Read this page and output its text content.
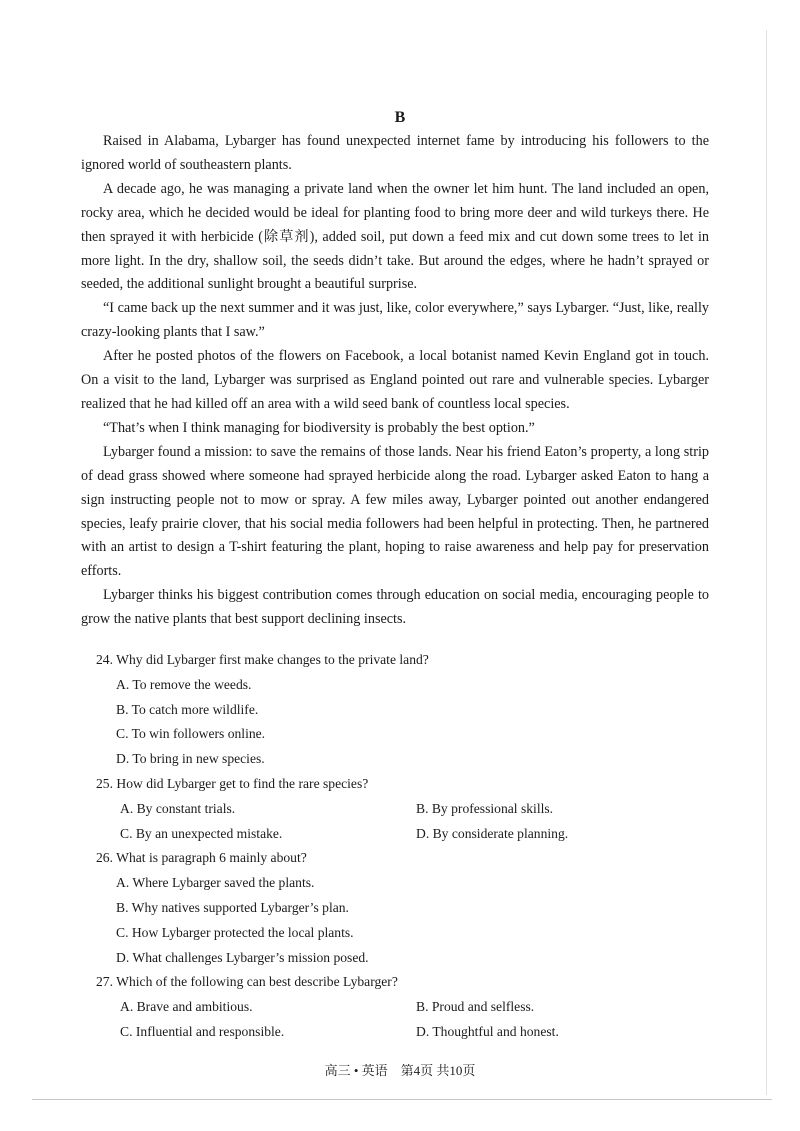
B

Raised in Alabama, Lybarger has found unexpected internet fame by introducing his followers to the ignored world of southeastern plants.

A decade ago, he was managing a private land when the owner let him hunt. The land included an open, rocky area, which he decided would be ideal for planting food to bring more deer and wild turkeys there. He then sprayed it with herbicide (除草剂), added soil, put down a feed mix and cut down some trees to let in more light. In the dry, shallow soil, the seeds didn’t take. But around the edges, where he hadn’t sprayed or seeded, the additional sunlight brought a beautiful surprise.

“I came back up the next summer and it was just, like, color everywhere,” says Lybarger. “Just, like, really crazy-looking plants that I saw.”

After he posted photos of the flowers on Facebook, a local botanist named Kevin England got in touch. On a visit to the land, Lybarger was surprised as England pointed out rare and vulnerable species. Lybarger realized that he had killed off an area with a wild seed bank of countless local species.

“That’s when I think managing for biodiversity is probably the best option.”

Lybarger found a mission: to save the remains of those lands. Near his friend Eaton’s property, a long strip of dead grass showed where someone had sprayed herbicide along the road. Lybarger asked Eaton to hang a sign instructing people not to mow or spray. A few miles away, Lybarger pointed out another endangered species, leafy prairie clover, that his social media followers had been helpful in protecting. Then, he partnered with an artist to design a T-shirt featuring the plant, hoping to raise awareness and help pay for preservation efforts.

Lybarger thinks his biggest contribution comes through education on social media, encouraging people to grow the native plants that best support declining insects.

24. Why did Lybarger first make changes to the private land?
A. To remove the weeds.
B. To catch more wildlife.
C. To win followers online.
D. To bring in new species.
25. How did Lybarger get to find the rare species?
A. By constant trials.	B. By professional skills.
C. By an unexpected mistake.	D. By considerate planning.
26. What is paragraph 6 mainly about?
A. Where Lybarger saved the plants.
B. Why natives supported Lybarger’s plan.
C. How Lybarger protected the local plants.
D. What challenges Lybarger’s mission posed.
27. Which of the following can best describe Lybarger?
A. Brave and ambitious.	B. Proud and selfless.
C. Influential and responsible.	D. Thoughtful and honest.
高三 • 英语　第4页 共10页
